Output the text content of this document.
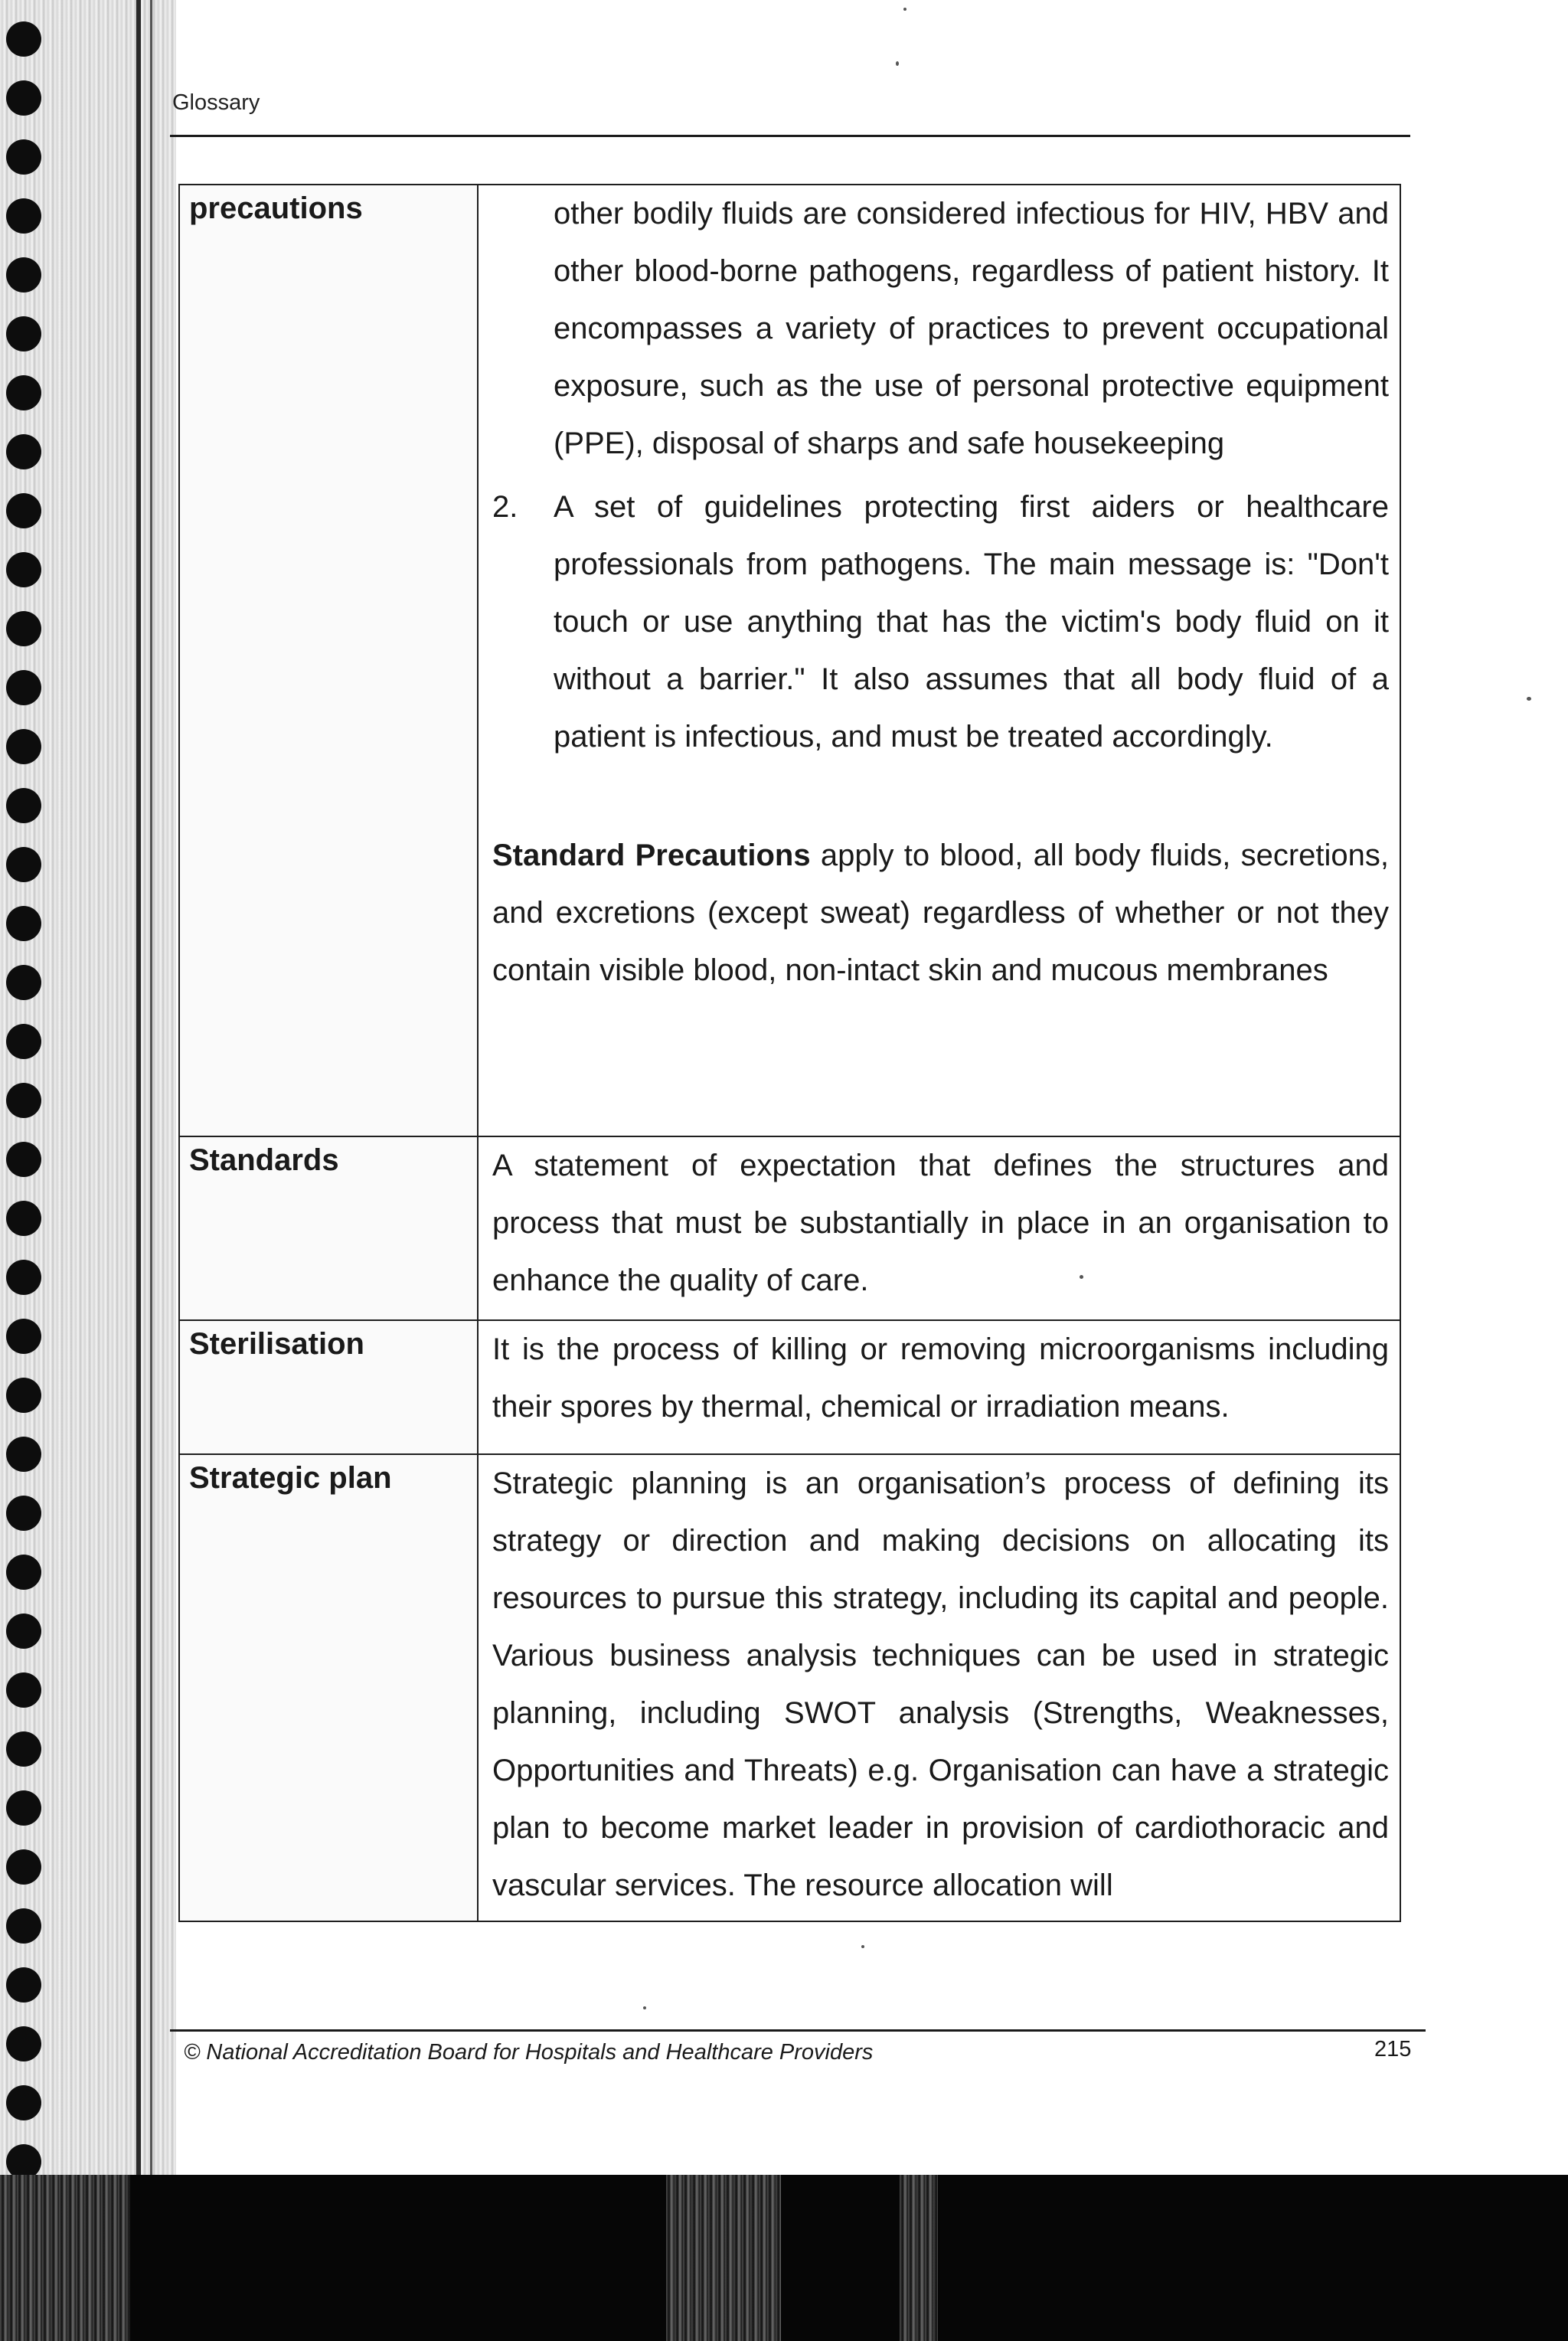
Glossary
precautions	other bodily fluids are considered infectious for HIV, HBV and other blood-borne pathogens, regardless of patient history. It encompasses a variety of practices to prevent occupational exposure, such as the use of personal protective equipment (PPE), disposal of sharps and safe housekeeping

2. A set of guidelines protecting first aiders or healthcare professionals from pathogens. The main message is: "Don't touch or use anything that has the victim's body fluid on it without a barrier." It also assumes that all body fluid of a patient is infectious, and must be treated accordingly.

Standard Precautions apply to blood, all body fluids, secretions, and excretions (except sweat) regardless of whether or not they contain visible blood, non-intact skin and mucous membranes

Standards	A statement of expectation that defines the structures and process that must be substantially in place in an organisation to enhance the quality of care.

Sterilisation	It is the process of killing or removing microorganisms including their spores by thermal, chemical or irradiation means.

Strategic plan	Strategic planning is an organisation’s process of defining its strategy or direction and making decisions on allocating its resources to pursue this strategy, including its capital and people. Various business analysis techniques can be used in strategic planning, including SWOT analysis (Strengths, Weaknesses, Opportunities and Threats) e.g. Organisation can have a strategic plan to become market leader in provision of cardiothoracic and vascular services. The resource allocation will
© National Accreditation Board for Hospitals and Healthcare Providers	215
